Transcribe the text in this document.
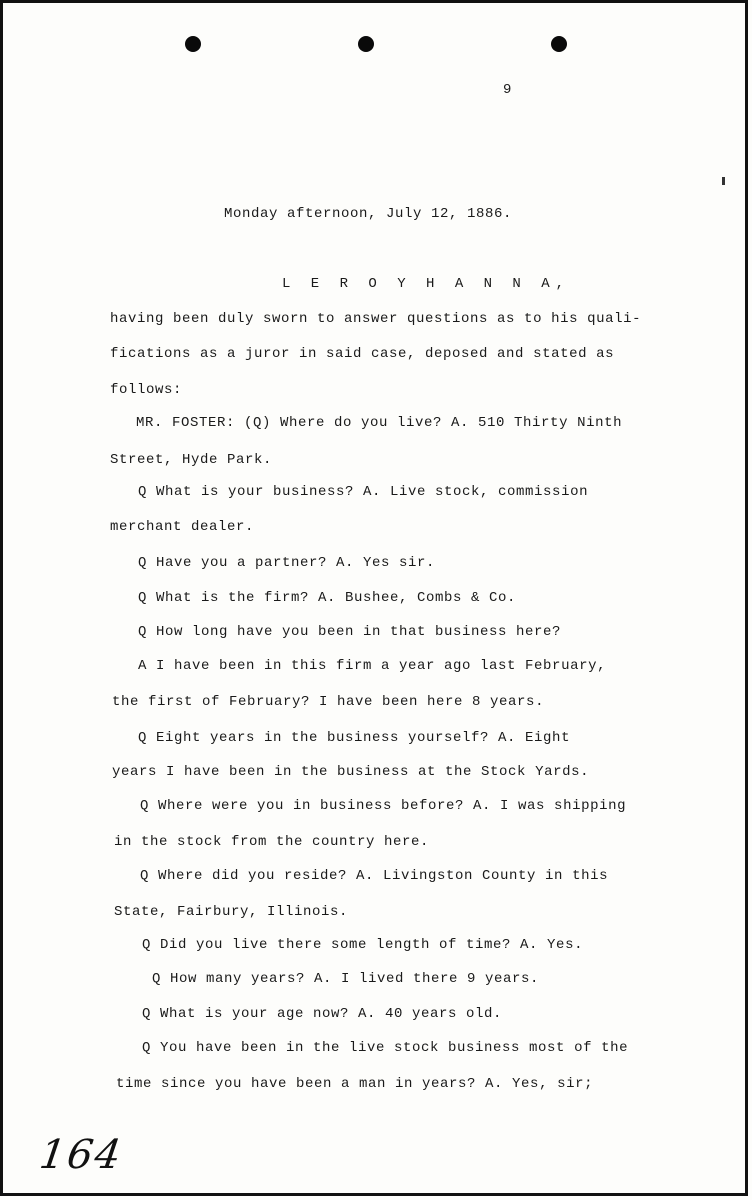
9
Monday afternoon, July 12, 1886.
L E R O Y H A N N A,
having been duly sworn to answer questions as to his quali-
fications as a juror in said case, deposed and stated as
follows:
MR. FOSTER: (Q) Where do you live? A. 510 Thirty Ninth
Street, Hyde Park.
Q What is your business? A. Live stock, commission
merchant dealer.
Q Have you a partner? A. Yes sir.
Q What is the firm? A. Bushee, Combs & Co.
Q How long have you been in that business here?
A I have been in this firm a year ago last February,
the first of February? I have been here 8 years.
Q Eight years in the business yourself? A. Eight
years I have been in the business at the Stock Yards.
Q Where were you in business before? A. I was shipping
in the stock from the country here.
Q Where did you reside? A. Livingston County in this
State, Fairbury, Illinois.
Q Did you live there some length of time? A. Yes.
Q How many years? A. I lived there 9 years.
Q What is your age now? A. 40 years old.
Q You have been in the live stock business most of the
time since you have been a man in years? A. Yes, sir;
164
